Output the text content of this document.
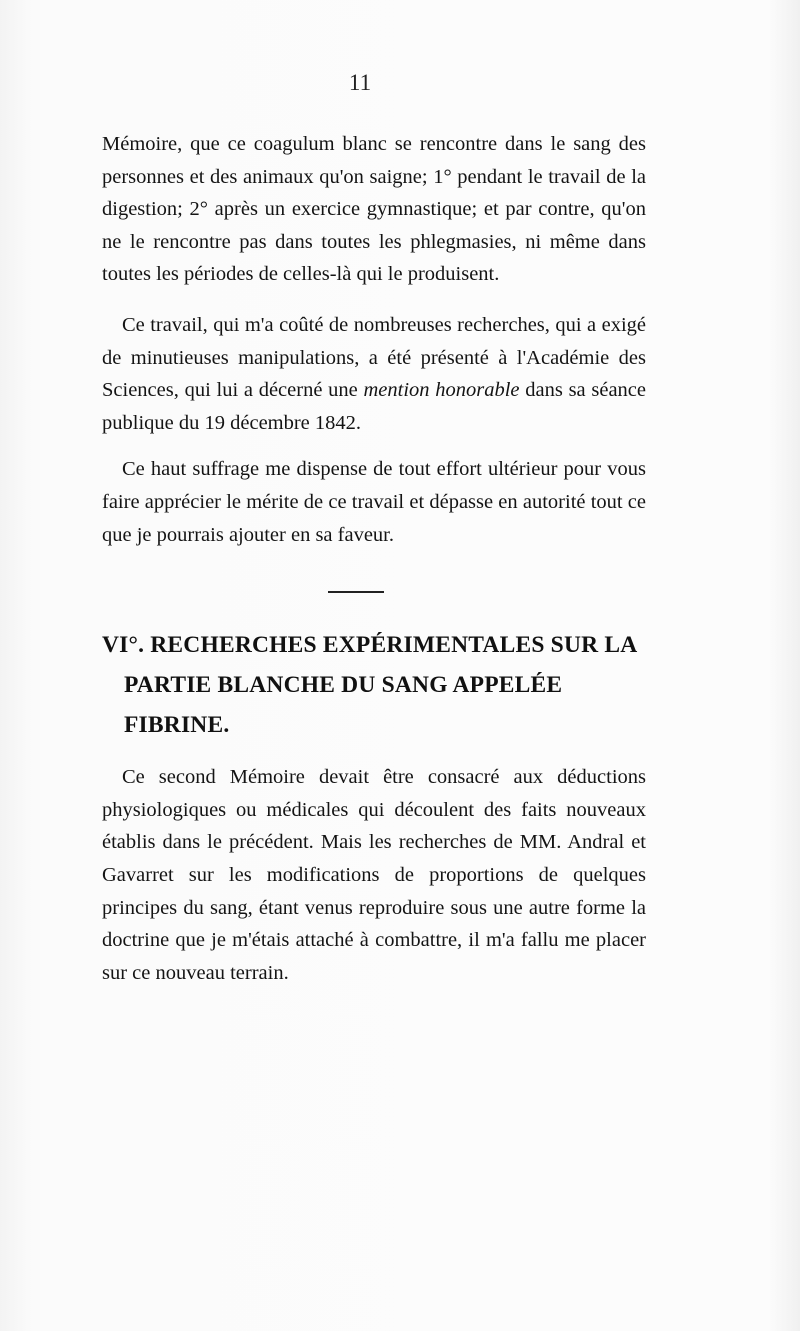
11

Mémoire, que ce coagulum blanc se rencontre dans le sang des personnes et des animaux qu'on saigne; 1° pendant le travail de la digestion; 2° après un exercice gymnastique; et par contre, qu'on ne le rencontre pas dans toutes les phlegmasies, ni même dans toutes les périodes de celles-là qui le produisent.

Ce travail, qui m'a coûté de nombreuses recherches, qui a exigé de minutieuses manipulations, a été présenté à l'Académie des Sciences, qui lui a décerné une mention honorable dans sa séance publique du 19 décembre 1842.

Ce haut suffrage me dispense de tout effort ultérieur pour vous faire apprécier le mérite de ce travail et dépasse en autorité tout ce que je pourrais ajouter en sa faveur.

VI°. RECHERCHES EXPÉRIMENTALES SUR LA PARTIE BLANCHE DU SANG APPELÉE FIBRINE.

Ce second Mémoire devait être consacré aux déductions physiologiques ou médicales qui découlent des faits nouveaux établis dans le précédent. Mais les recherches de MM. Andral et Gavarret sur les modifications de proportions de quelques principes du sang, étant venus reproduire sous une autre forme la doctrine que je m'étais attaché à combattre, il m'a fallu me placer sur ce nouveau terrain.
